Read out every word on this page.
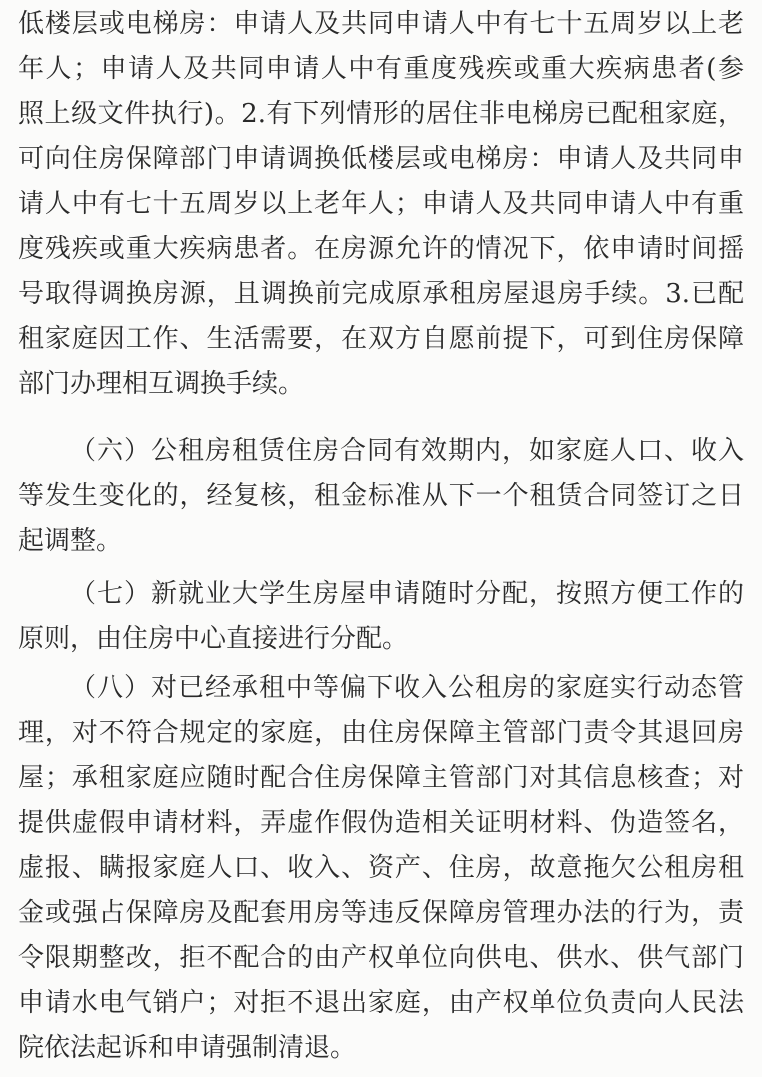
低楼层或电梯房：申请人及共同申请人中有七十五周岁以上老
年人；申请人及共同申请人中有重度残疾或重大疾病患者(参
照上级文件执行)。2.有下列情形的居住非电梯房已配租家庭，
可向住房保障部门申请调换低楼层或电梯房：申请人及共同申
请人中有七十五周岁以上老年人；申请人及共同申请人中有重
度残疾或重大疾病患者。在房源允许的情况下，依申请时间摇
号取得调换房源，且调换前完成原承租房屋退房手续。3.已配
租家庭因工作、生活需要，在双方自愿前提下，可到住房保障
部门办理相互调换手续。
（六）公租房租赁住房合同有效期内，如家庭人口、收入
等发生变化的，经复核，租金标准从下一个租赁合同签订之日
起调整。
（七）新就业大学生房屋申请随时分配，按照方便工作的
原则，由住房中心直接进行分配。
（八）对已经承租中等偏下收入公租房的家庭实行动态管
理，对不符合规定的家庭，由住房保障主管部门责令其退回房
屋；承租家庭应随时配合住房保障主管部门对其信息核查；对
提供虚假申请材料，弄虚作假伪造相关证明材料、伪造签名，
虚报、瞒报家庭人口、收入、资产、住房，故意拖欠公租房租
金或强占保障房及配套用房等违反保障房管理办法的行为，责
令限期整改，拒不配合的由产权单位向供电、供水、供气部门
申请水电气销户；对拒不退出家庭，由产权单位负责向人民法
院依法起诉和申请强制清退。
